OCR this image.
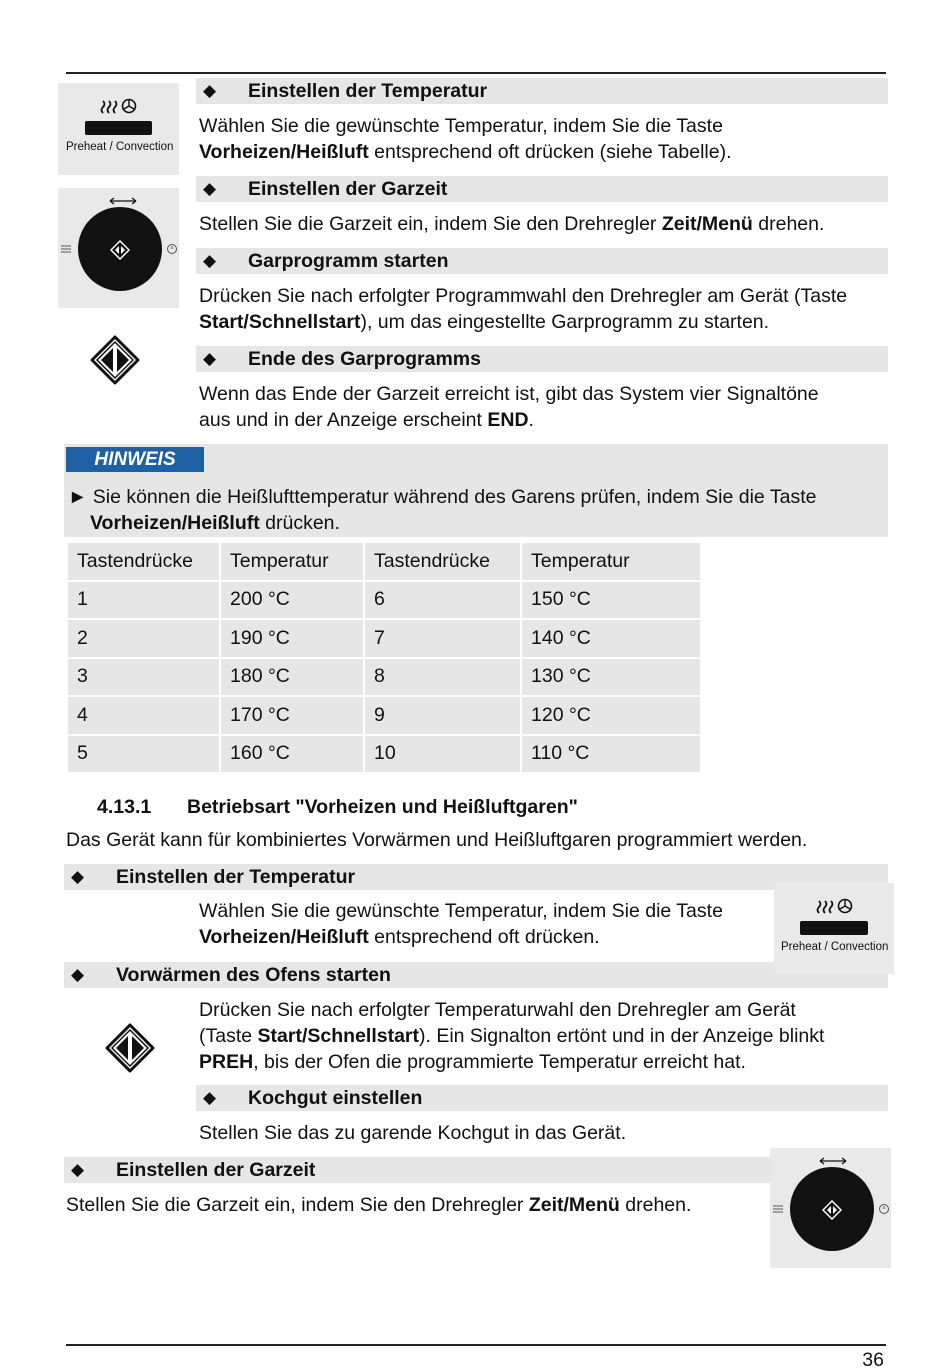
Preheat / Convection
◆ Einstellen der Temperatur
Wählen Sie die gewünschte Temperatur, indem Sie die Taste
Vorheizen/Heißluft entsprechend oft drücken (siehe Tabelle).
◆ Einstellen der Garzeit
Stellen Sie die Garzeit ein, indem Sie den Drehregler Zeit/Menü drehen.
◆ Garprogramm starten
Drücken Sie nach erfolgter Programmwahl den Drehregler am Gerät (Taste
Start/Schnellstart), um das eingestellte Garprogramm zu starten.
◆ Ende des Garprogramms
Wenn das Ende der Garzeit erreicht ist, gibt das System vier Signaltöne
aus und in der Anzeige erscheint END.
HINWEIS
► Sie können die Heißlufttemperatur während des Garens prüfen, indem Sie die Taste
Vorheizen/Heißluft drücken.
Tastendrücke	Temperatur	Tastendrücke	Temperatur
1	200 °C	6	150 °C
2	190 °C	7	140 °C
3	180 °C	8	130 °C
4	170 °C	9	120 °C
5	160 °C	10	110 °C
4.13.1 Betriebsart "Vorheizen und Heißluftgaren"
Das Gerät kann für kombiniertes Vorwärmen und Heißluftgaren programmiert werden.
◆ Einstellen der Temperatur
Wählen Sie die gewünschte Temperatur, indem Sie die Taste
Vorheizen/Heißluft entsprechend oft drücken.
◆ Vorwärmen des Ofens starten
Drücken Sie nach erfolgter Temperaturwahl den Drehregler am Gerät
(Taste Start/Schnellstart). Ein Signalton ertönt und in der Anzeige blinkt
PREH, bis der Ofen die programmierte Temperatur erreicht hat.
◆ Kochgut einstellen
Stellen Sie das zu garende Kochgut in das Gerät.
◆ Einstellen der Garzeit
Stellen Sie die Garzeit ein, indem Sie den Drehregler Zeit/Menü drehen.
Preheat / Convection
36
